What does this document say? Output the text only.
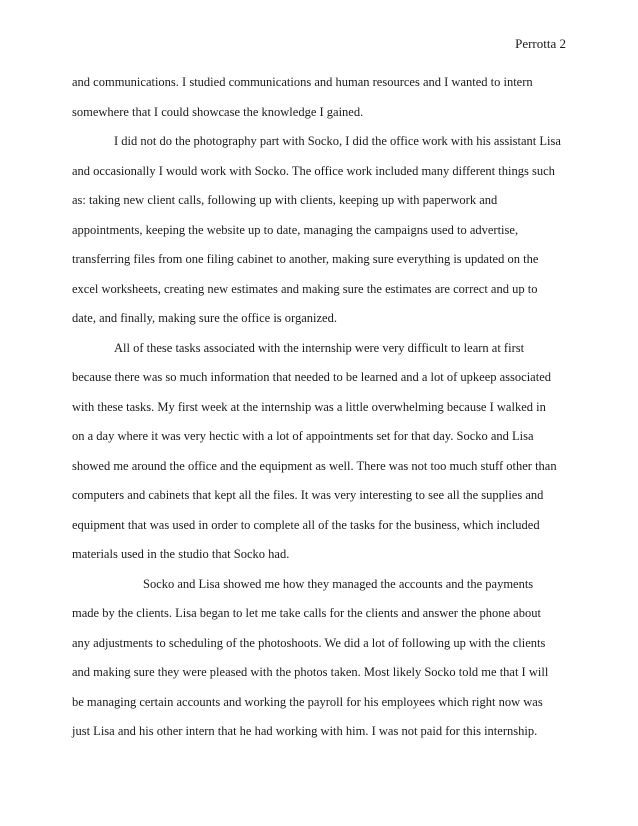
Perrotta 2
and communications. I studied communications and human resources and I wanted to intern
somewhere that I could showcase the knowledge I gained.
I did not do the photography part with Socko, I did the office work with his assistant Lisa
and occasionally I would work with Socko. The office work included many different things such
as: taking new client calls, following up with clients, keeping up with paperwork and
appointments, keeping the website up to date, managing the campaigns used to advertise,
transferring files from one filing cabinet to another, making sure everything is updated on the
excel worksheets, creating new estimates and making sure the estimates are correct and up to
date, and finally, making sure the office is organized.
All of these tasks associated with the internship were very difficult to learn at first
because there was so much information that needed to be learned and a lot of upkeep associated
with these tasks. My first week at the internship was a little overwhelming because I walked in
on a day where it was very hectic with a lot of appointments set for that day. Socko and Lisa
showed me around the office and the equipment as well. There was not too much stuff other than
computers and cabinets that kept all the files. It was very interesting to see all the supplies and
equipment that was used in order to complete all of the tasks for the business, which included
materials used in the studio that Socko had.
Socko and Lisa showed me how they managed the accounts and the payments
made by the clients. Lisa began to let me take calls for the clients and answer the phone about
any adjustments to scheduling of the photoshoots. We did a lot of following up with the clients
and making sure they were pleased with the photos taken. Most likely Socko told me that I will
be managing certain accounts and working the payroll for his employees which right now was
just Lisa and his other intern that he had working with him. I was not paid for this internship.
